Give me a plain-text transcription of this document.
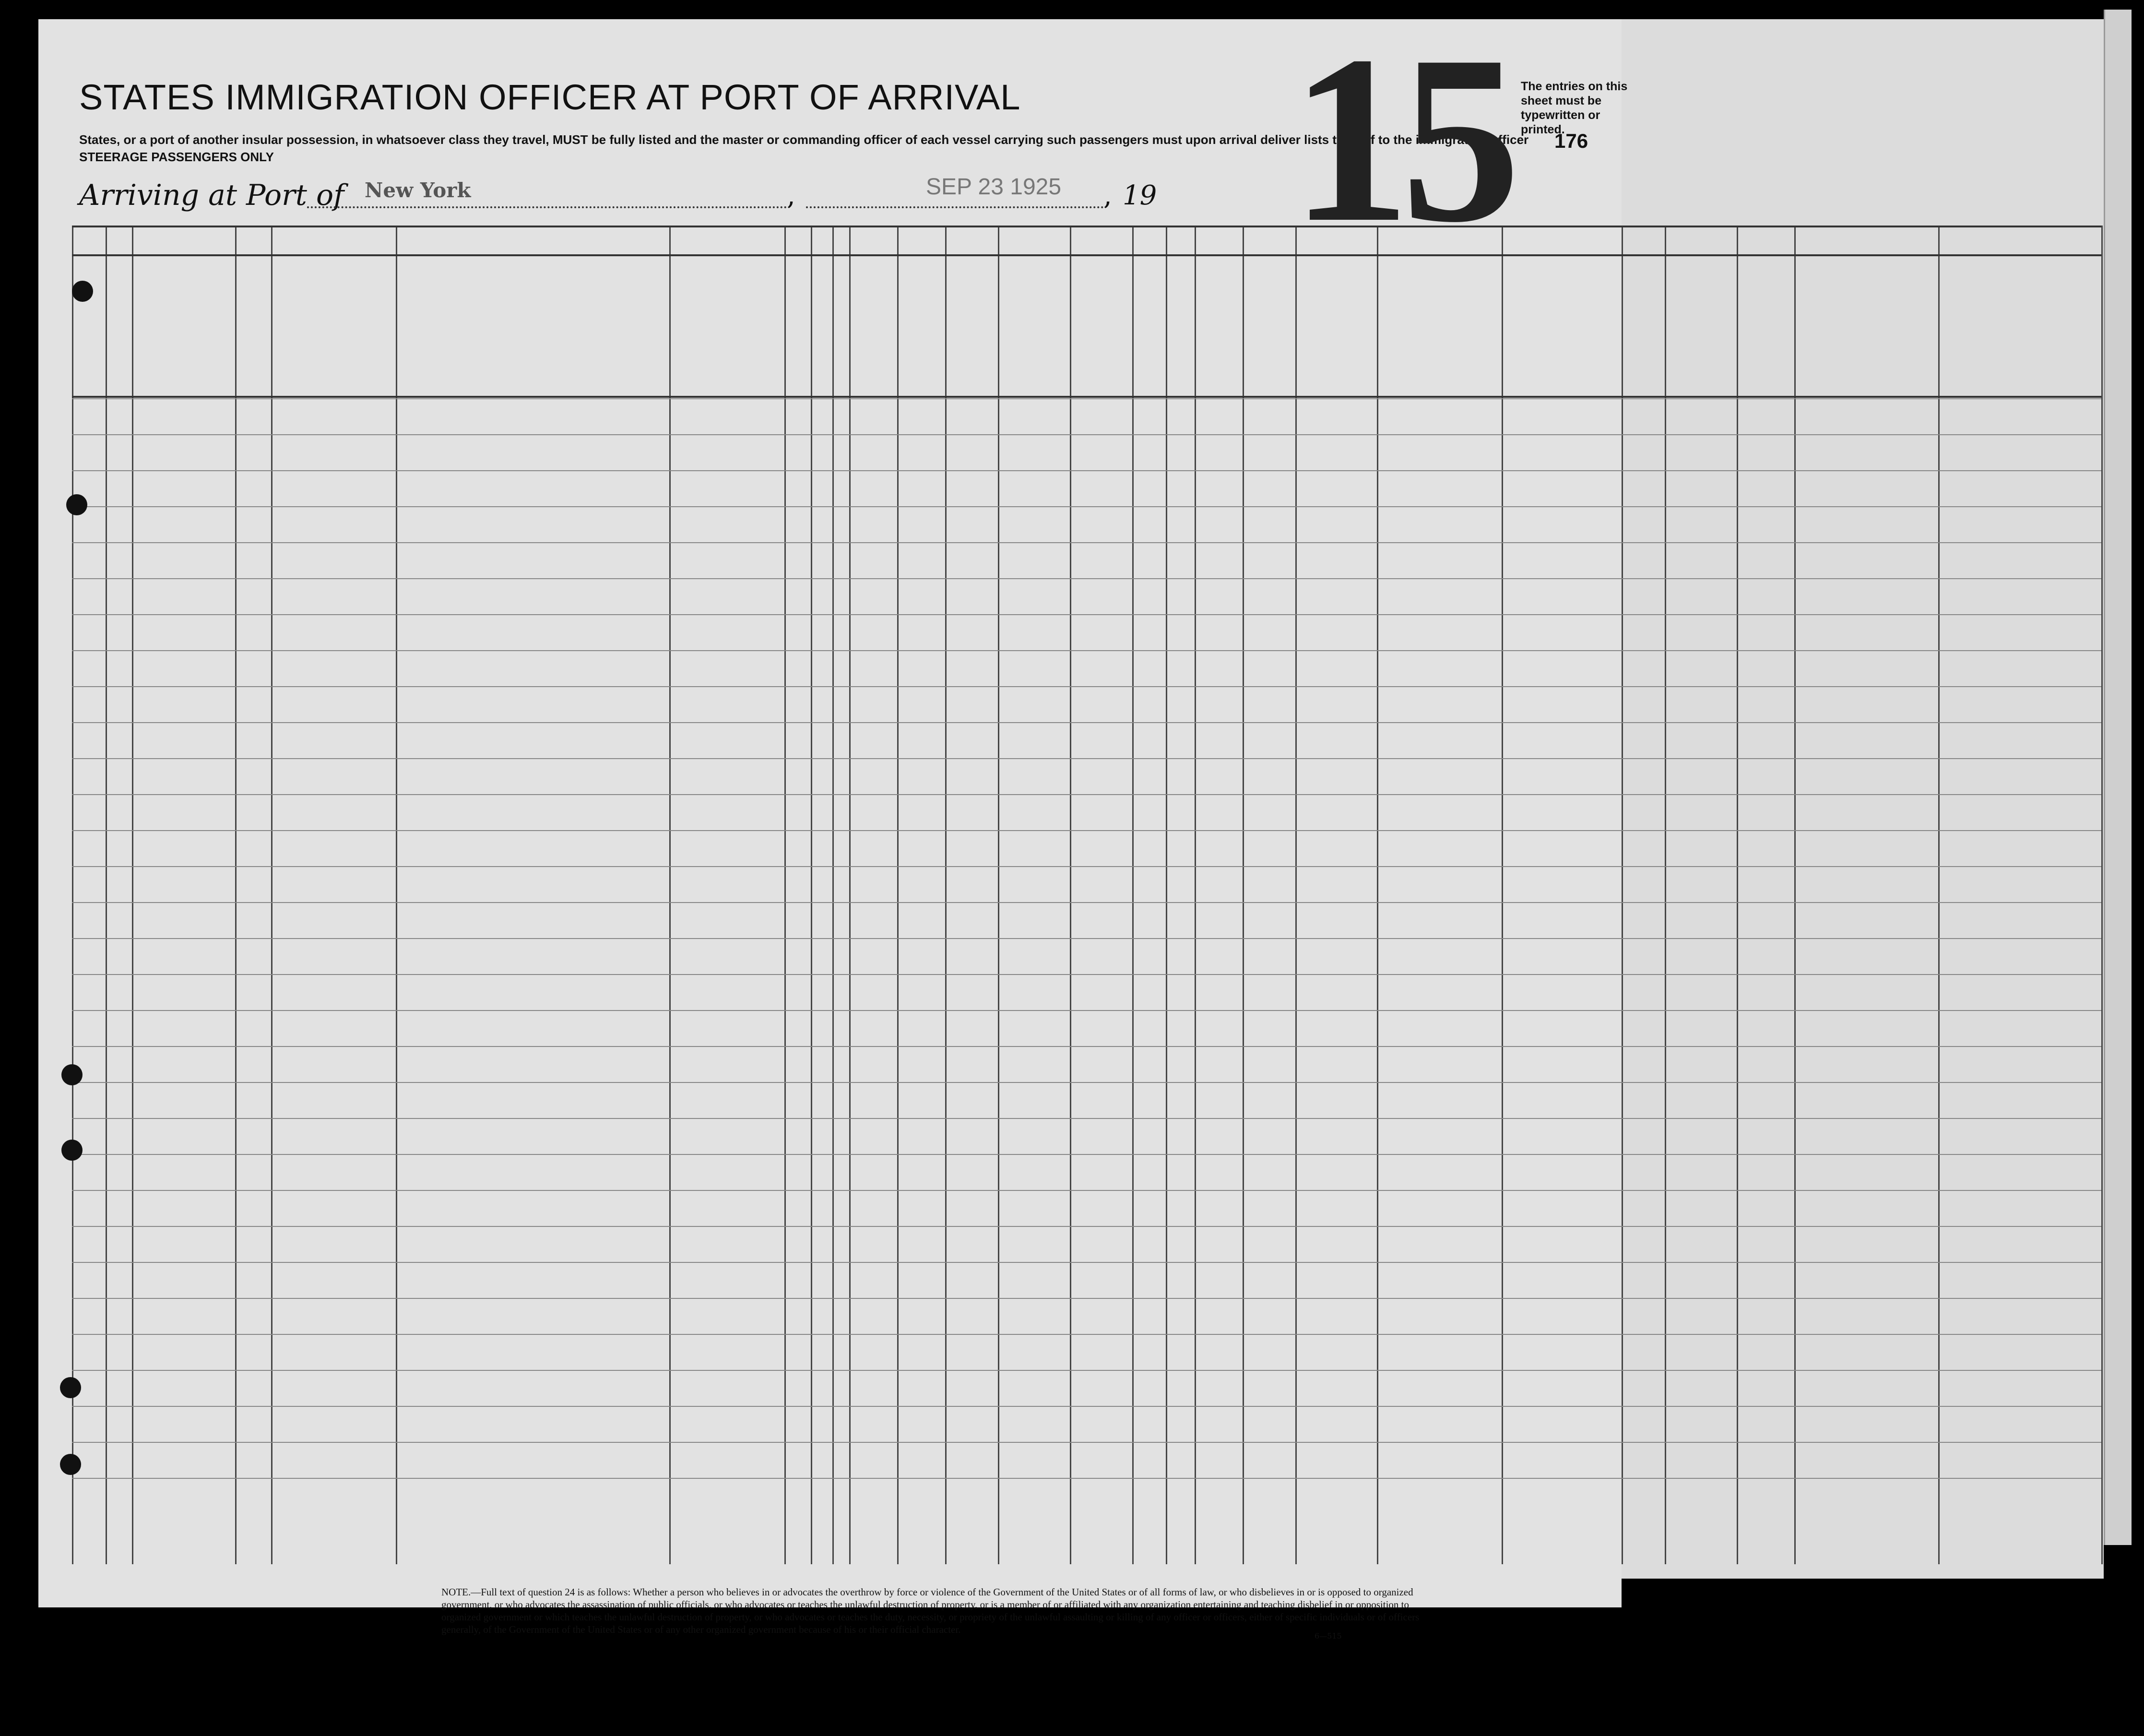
STATES IMMIGRATION OFFICER AT PORT OF ARRIVAL
States, or a port of another insular possession, in whatsoever class they travel, MUST be fully listed and the master or commanding officer of each vessel carrying such passengers must upon arrival deliver lists thereof to the immigration officer
STEERAGE PASSENGERS ONLY
The entries on this sheet must be typewritten or printed.
176
15
Arriving at Port of New York	,	SEP 23 1925 , 19
NOTE.—Full text of question 24 is as follows: Whether a person who believes in or advocates the overthrow by force or violence of the Government of the United States or of all forms of law, or who disbelieves in or is opposed to organized government, or who advocates the assassination of public officials, or who advocates or teaches the unlawful destruction of property, or is a member of or affiliated with any organization entertaining and teaching disbelief in or opposition to organized government or which teaches the unlawful destruction of property, or who advocates or teaches the duty, necessity, or propriety of the unlawful assaulting or killing of any officer or officers, either of specific individuals or of officers generally, of the Government of the United States or of any other organized government because of his or their official character.
6—515
